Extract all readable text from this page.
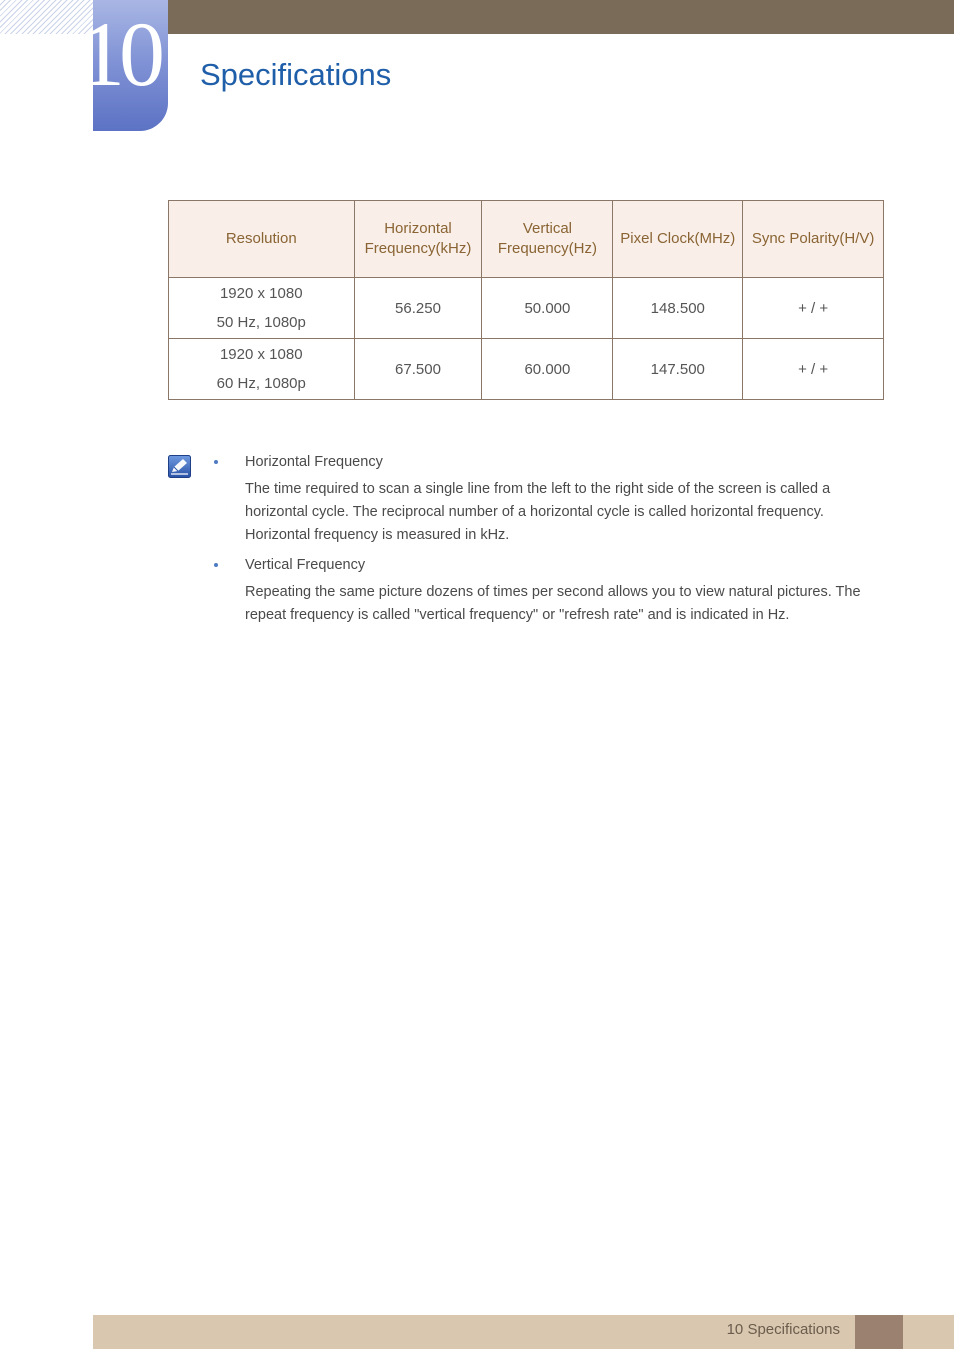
10 Specifications
Resolution	Horizontal Frequency(kHz)	Vertical Frequency(Hz)	Pixel Clock(MHz)	Sync Polarity(H/V)

1920 x 1080
50 Hz, 1080p	56.250	50.000	148.500	+ / +

1920 x 1080
60 Hz, 1080p	67.500	60.000	147.500	+ / +
Horizontal Frequency
The time required to scan a single line from the left to the right side of the screen is called a horizontal cycle. The reciprocal number of a horizontal cycle is called horizontal frequency. Horizontal frequency is measured in kHz.
Vertical Frequency
Repeating the same picture dozens of times per second allows you to view natural pictures. The repeat frequency is called "vertical frequency" or "refresh rate" and is indicated in Hz.
10 Specifications
